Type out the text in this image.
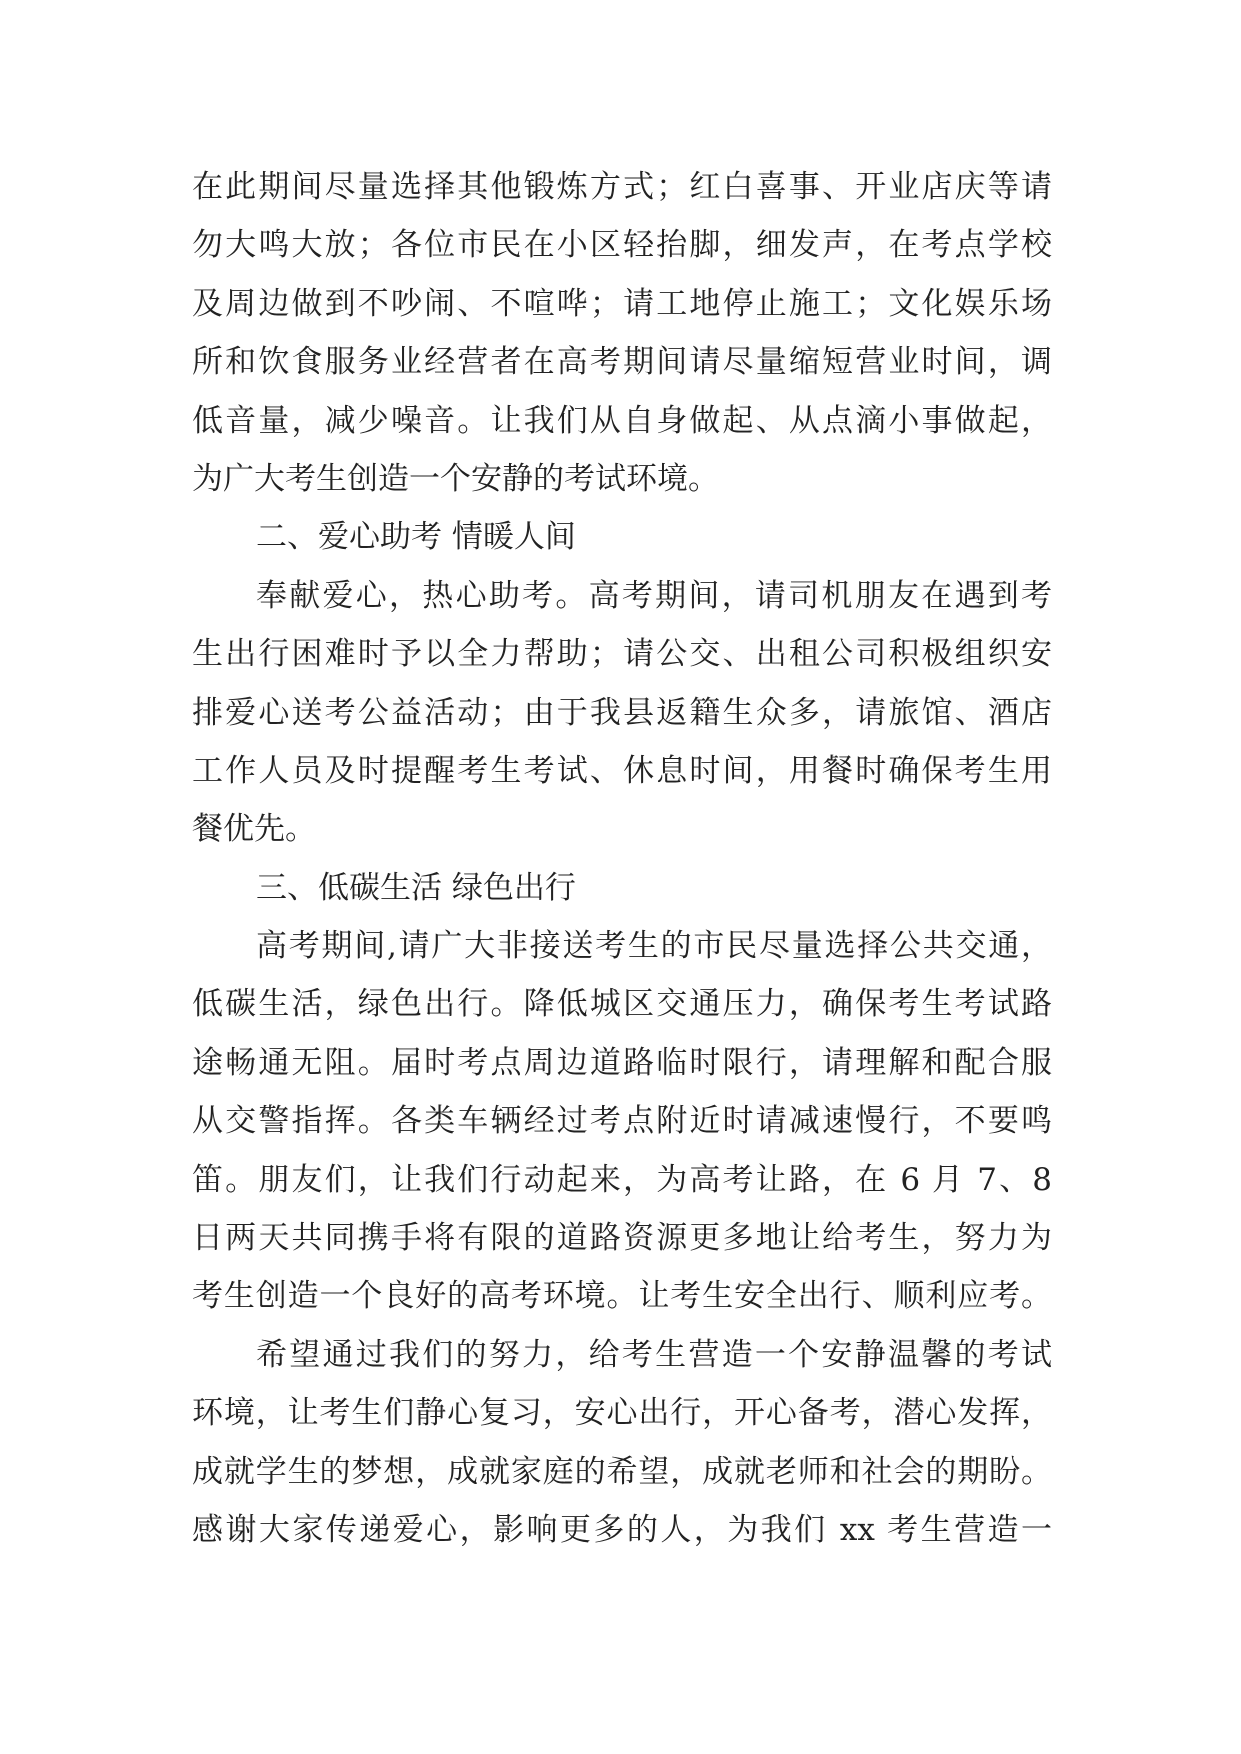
在此期间尽量选择其他锻炼方式；红白喜事、开业店庆等请
勿大鸣大放；各位市民在小区轻抬脚，细发声，在考点学校
及周边做到不吵闹、不喧哗；请工地停止施工；文化娱乐场
所和饮食服务业经营者在高考期间请尽量缩短营业时间，调
低音量，减少噪音。让我们从自身做起、从点滴小事做起，
为广大考生创造一个安静的考试环境。
二、爱心助考 情暖人间
奉献爱心，热心助考。高考期间，请司机朋友在遇到考
生出行困难时予以全力帮助；请公交、出租公司积极组织安
排爱心送考公益活动；由于我县返籍生众多，请旅馆、酒店
工作人员及时提醒考生考试、休息时间，用餐时确保考生用
餐优先。
三、低碳生活 绿色出行
高考期间,请广大非接送考生的市民尽量选择公共交通，
低碳生活，绿色出行。降低城区交通压力，确保考生考试路
途畅通无阻。届时考点周边道路临时限行，请理解和配合服
从交警指挥。各类车辆经过考点附近时请减速慢行，不要鸣
笛。朋友们，让我们行动起来，为高考让路，在 6 月 7、8
日两天共同携手将有限的道路资源更多地让给考生，努力为
考生创造一个良好的高考环境。让考生安全出行、顺利应考。
希望通过我们的努力，给考生营造一个安静温馨的考试
环境，让考生们静心复习，安心出行，开心备考，潜心发挥，
成就学生的梦想，成就家庭的希望，成就老师和社会的期盼。
感谢大家传递爱心，影响更多的人，为我们 xx 考生营造一
